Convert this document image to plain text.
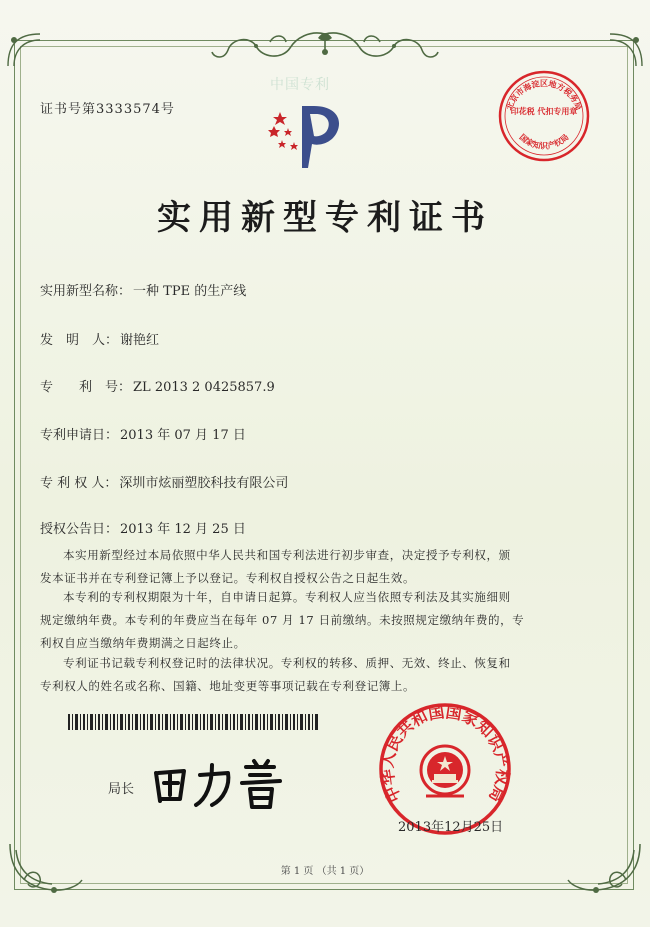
中国专利
证书号第3333574号	北京市海淀区地方税务局
国家知识产权局
印花税 代扣专用章
实用新型专利证书
实用新型名称： 一种 TPE 的生产线
发　明　人： 谢艳红
专　　利　号： ZL 2013 2 0425857.9
专利申请日： 2013 年 07 月 17 日
专 利 权 人： 深圳市炫丽塑胶科技有限公司
授权公告日： 2013 年 12 月 25 日
本实用新型经过本局依照中华人民共和国专利法进行初步审查，决定授予专利权，颁
发本证书并在专利登记簿上予以登记。专利权自授权公告之日起生效。
本专利的专利权期限为十年，自申请日起算。专利权人应当依照专利法及其实施细则
规定缴纳年费。本专利的年费应当在每年 07 月 17 日前缴纳。未按照规定缴纳年费的，专
利权自应当缴纳年费期满之日起终止。
专利证书记载专利权登记时的法律状况。专利权的转移、质押、无效、终止、恢复和
专利权人的姓名或名称、国籍、地址变更等事项记载在专利登记簿上。
局长	中华人民共和国国家知识产权局
2013年12月25日
第 1 页 （共 1 页）
